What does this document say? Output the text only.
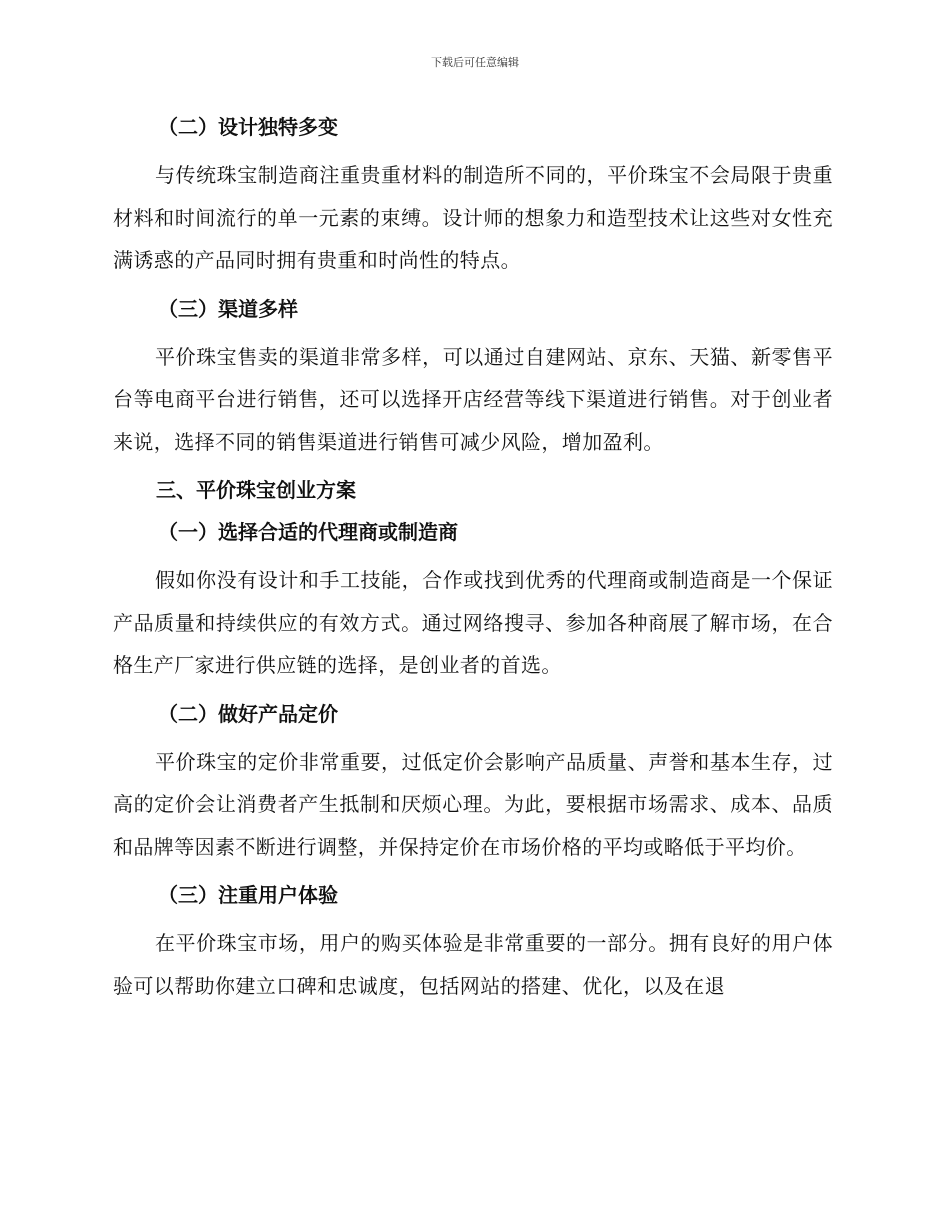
下载后可任意编辑
（二）设计独特多变

与传统珠宝制造商注重贵重材料的制造所不同的，平价珠宝不会局限于贵重材料和时间流行的单一元素的束缚。设计师的想象力和造型技术让这些对女性充满诱惑的产品同时拥有贵重和时尚性的特点。

（三）渠道多样

平价珠宝售卖的渠道非常多样，可以通过自建网站、京东、天猫、新零售平台等电商平台进行销售，还可以选择开店经营等线下渠道进行销售。对于创业者来说，选择不同的销售渠道进行销售可减少风险，增加盈利。

三、平价珠宝创业方案
（一）选择合适的代理商或制造商

假如你没有设计和手工技能，合作或找到优秀的代理商或制造商是一个保证产品质量和持续供应的有效方式。通过网络搜寻、参加各种商展了解市场，在合格生产厂家进行供应链的选择，是创业者的首选。

（二）做好产品定价

平价珠宝的定价非常重要，过低定价会影响产品质量、声誉和基本生存，过高的定价会让消费者产生抵制和厌烦心理。为此，要根据市场需求、成本、品质和品牌等因素不断进行调整，并保持定价在市场价格的平均或略低于平均价。

（三）注重用户体验

在平价珠宝市场，用户的购买体验是非常重要的一部分。拥有良好的用户体验可以帮助你建立口碑和忠诚度，包括网站的搭建、优化，以及在退
